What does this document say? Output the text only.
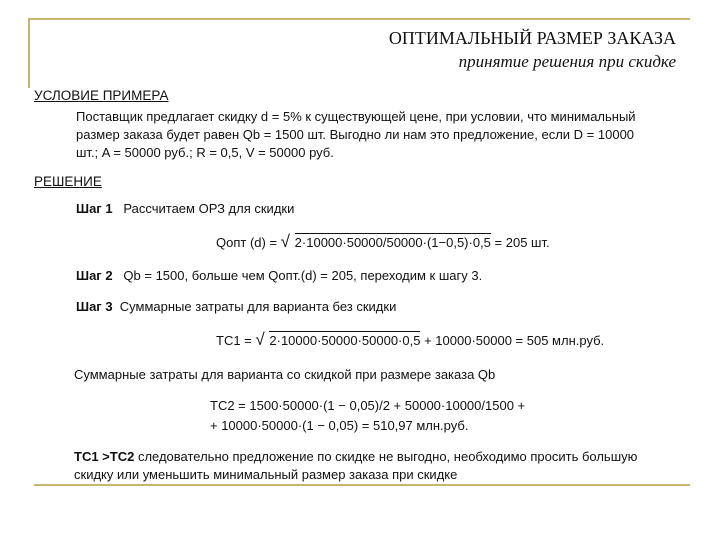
ОПТИМАЛЬНЫЙ РАЗМЕР ЗАКАЗА
принятие решения при скидке
УСЛОВИЕ ПРИМЕРА
Поставщик предлагает скидку d = 5% к существующей цене, при условии, что минимальный
размер заказа будет равен Qb = 1500 шт. Выгодно ли нам это предложение, если D = 10000
шт.; A = 50000 руб.; R = 0,5, V = 50000 руб.
РЕШЕНИЕ
Шаг 1 Рассчитаем ОРЗ для скидки
Qопт (d) = √ 2·10000·50000/50000·(1−0,5)·0,5 = 205 шт.
Шаг 2 Qb = 1500, больше чем Qопт.(d) = 205, переходим к шагу 3.
Шаг 3 Суммарные затраты для варианта без скидки
TC1 = √ 2·10000·50000·50000·0,5 + 10000·50000 = 505 млн.руб.
Суммарные затраты для варианта со скидкой при размере заказа Qb
TC2 = 1500·50000·(1 − 0,05)/2 + 50000·10000/1500 +
+ 10000·50000·(1 − 0,05) = 510,97 млн.руб.
TC1 >TC2 следовательно предложение по скидке не выгодно, необходимо просить большую
скидку или уменьшить минимальный размер заказа при скидке
